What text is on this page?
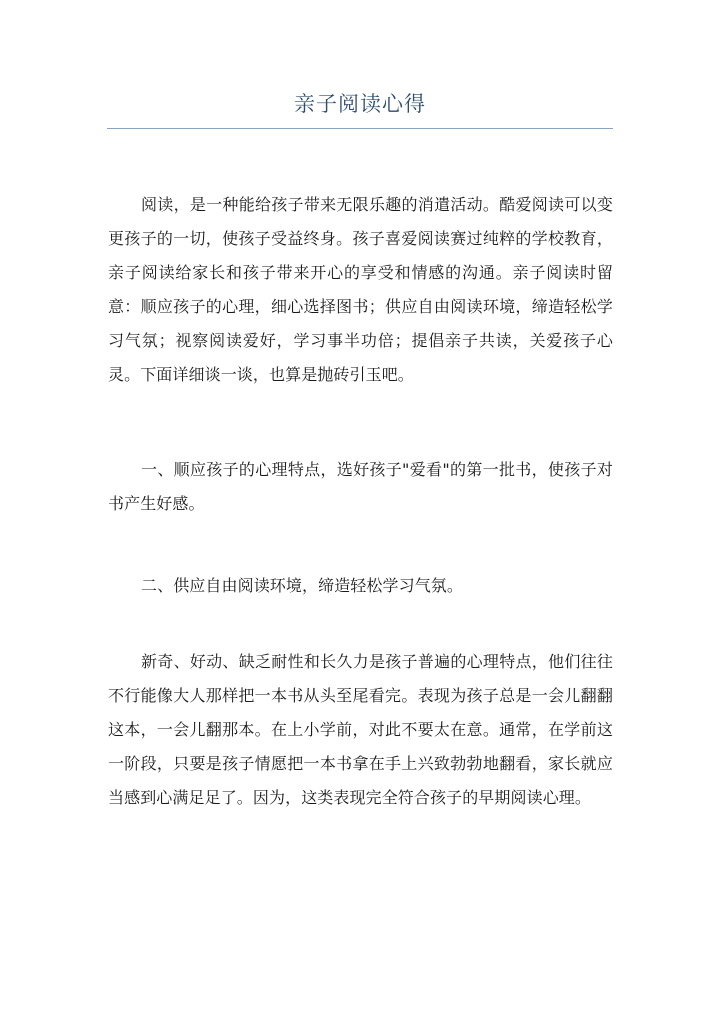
亲子阅读心得

阅读，是一种能给孩子带来无限乐趣的消遣活动。酷爱阅读可以变更孩子的一切，使孩子受益终身。孩子喜爱阅读赛过纯粹的学校教育，亲子阅读给家长和孩子带来开心的享受和情感的沟通。亲子阅读时留意：顺应孩子的心理，细心选择图书；供应自由阅读环境，缔造轻松学习气氛；视察阅读爱好，学习事半功倍；提倡亲子共读，关爱孩子心灵。下面详细谈一谈，也算是抛砖引玉吧。

一、顺应孩子的心理特点，选好孩子"爱看"的第一批书，使孩子对书产生好感。

二、供应自由阅读环境，缔造轻松学习气氛。

新奇、好动、缺乏耐性和长久力是孩子普遍的心理特点，他们往往不行能像大人那样把一本书从头至尾看完。表现为孩子总是一会儿翻翻这本，一会儿翻那本。在上小学前，对此不要太在意。通常，在学前这一阶段，只要是孩子情愿把一本书拿在手上兴致勃勃地翻看，家长就应当感到心满足足了。因为，这类表现完全符合孩子的早期阅读心理。
